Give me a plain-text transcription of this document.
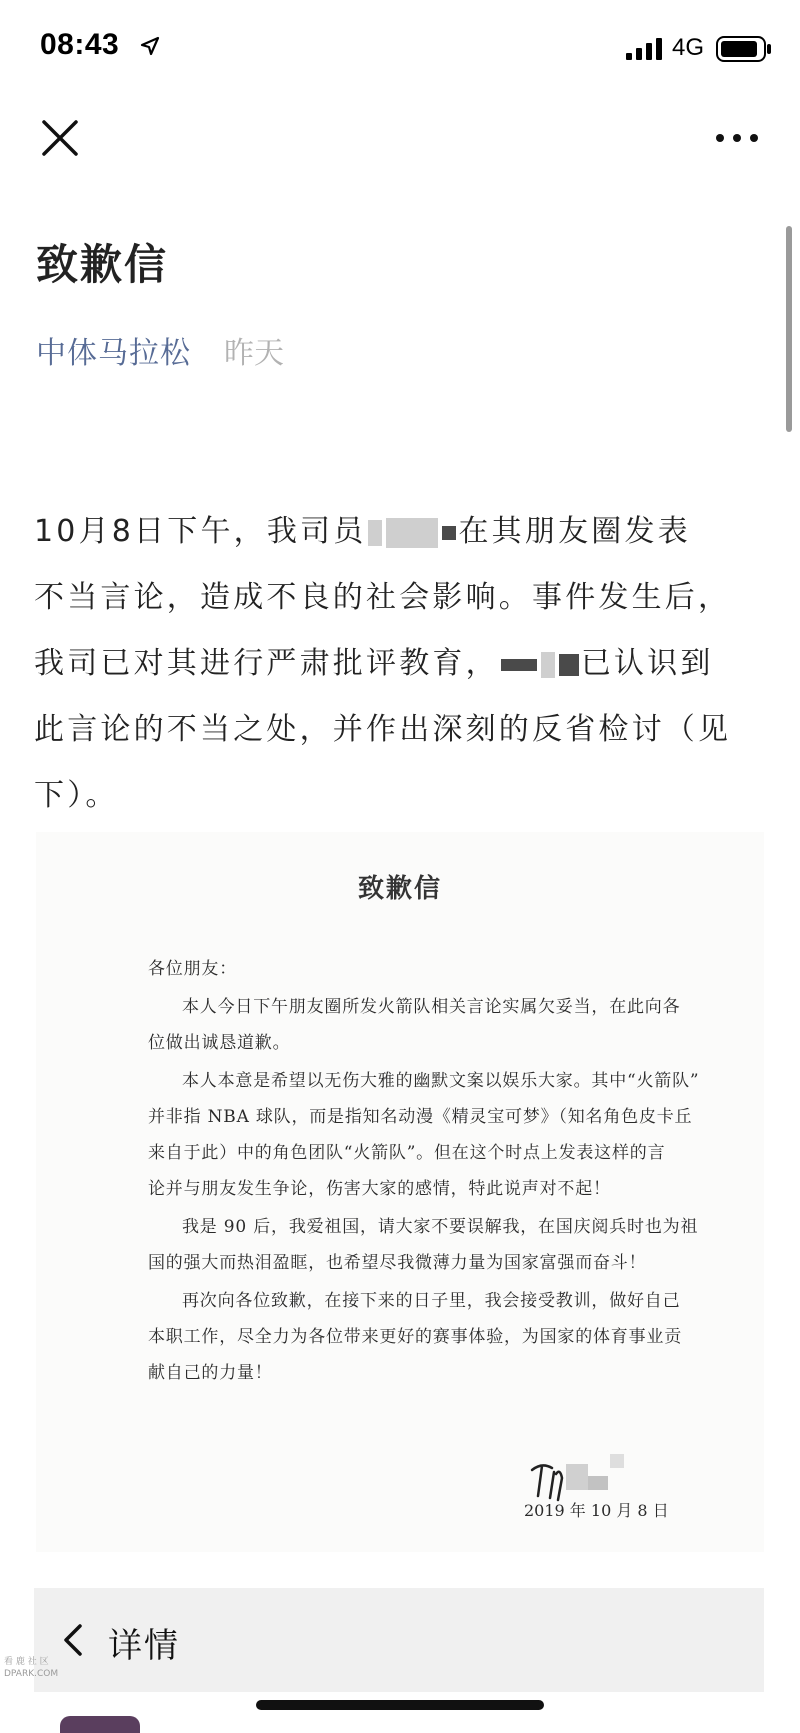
08:43	4G
致歉信
中体马拉松 昨天
10月8日下午，我司员	在其朋友圈发表
不当言论，造成不良的社会影响。事件发生后，
我司已对其进行严肃批评教育，	已认识到
此言论的不当之处，并作出深刻的反省检讨（见
下）。
致歉信
各位朋友：
本人今日下午朋友圈所发火箭队相关言论实属欠妥当，在此向各
位做出诚恳道歉。
本人本意是希望以无伤大雅的幽默文案以娱乐大家。其中“火箭队”
并非指 NBA 球队，而是指知名动漫《精灵宝可梦》（知名角色皮卡丘
来自于此）中的角色团队“火箭队”。但在这个时点上发表这样的言
论并与朋友发生争论，伤害大家的感情，特此说声对不起！
我是 90 后，我爱祖国，请大家不要误解我，在国庆阅兵时也为祖
国的强大而热泪盈眶，也希望尽我微薄力量为国家富强而奋斗！
再次向各位致歉，在接下来的日子里，我会接受教训，做好自己
本职工作，尽全力为各位带来更好的赛事体验，为国家的体育事业贡
献自己的力量！
2019 年 10 月 8 日
详情
看 鹿 社 区
DPARK.COM
